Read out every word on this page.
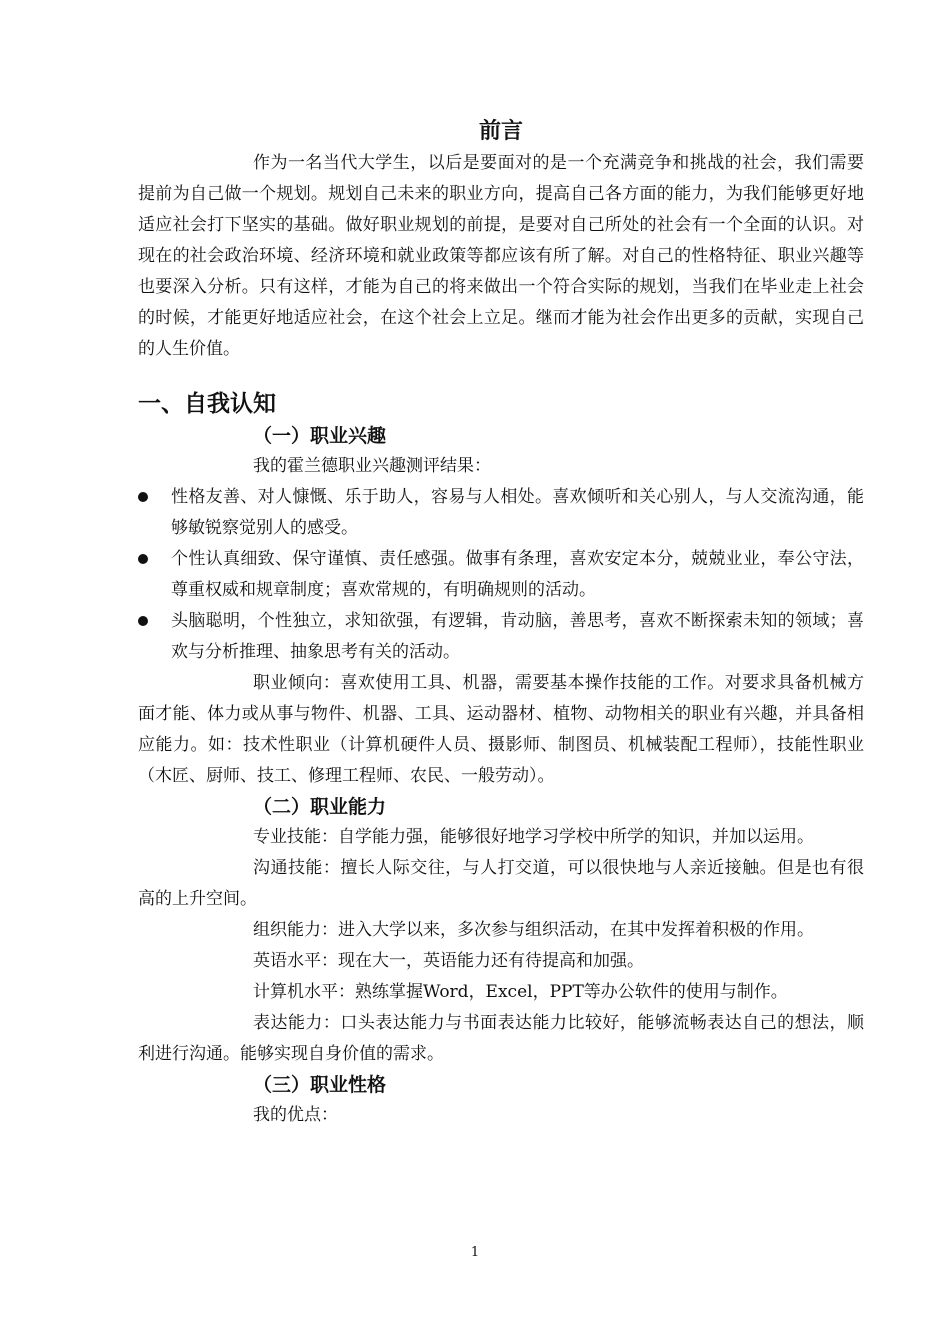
前言

作为一名当代大学生，以后是要面对的是一个充满竞争和挑战的社会，我们需要提前为自己做一个规划。规划自己未来的职业方向，提高自己各方面的能力，为我们能够更好地适应社会打下坚实的基础。做好职业规划的前提，是要对自己所处的社会有一个全面的认识。对现在的社会政治环境、经济环境和就业政策等都应该有所了解。对自己的性格特征、职业兴趣等也要深入分析。只有这样，才能为自己的将来做出一个符合实际的规划，当我们在毕业走上社会的时候，才能更好地适应社会，在这个社会上立足。继而才能为社会作出更多的贡献，实现自己的人生价值。

一、自我认知
（一）职业兴趣

我的霍兰德职业兴趣测评结果：

性格友善、对人慷慨、乐于助人，容易与人相处。喜欢倾听和关心别人，与人交流沟通，能够敏锐察觉别人的感受。
个性认真细致、保守谨慎、责任感强。做事有条理，喜欢安定本分，兢兢业业，奉公守法，尊重权威和规章制度；喜欢常规的，有明确规则的活动。
头脑聪明，个性独立，求知欲强，有逻辑，肯动脑，善思考，喜欢不断探索未知的领域；喜欢与分析推理、抽象思考有关的活动。

职业倾向：喜欢使用工具、机器，需要基本操作技能的工作。对要求具备机械方面才能、体力或从事与物件、机器、工具、运动器材、植物、动物相关的职业有兴趣，并具备相应能力。如：技术性职业（计算机硬件人员、摄影师、制图员、机械装配工程师），技能性职业（木匠、厨师、技工、修理工程师、农民、一般劳动）。

（二）职业能力

专业技能：自学能力强，能够很好地学习学校中所学的知识，并加以运用。

沟通技能：擅长人际交往，与人打交道，可以很快地与人亲近接触。但是也有很高的上升空间。

组织能力：进入大学以来，多次参与组织活动，在其中发挥着积极的作用。

英语水平：现在大一，英语能力还有待提高和加强。

计算机水平：熟练掌握Word，Excel，PPT等办公软件的使用与制作。

表达能力：口头表达能力与书面表达能力比较好，能够流畅表达自己的想法，顺利进行沟通。能够实现自身价值的需求。

（三）职业性格

我的优点：

1
